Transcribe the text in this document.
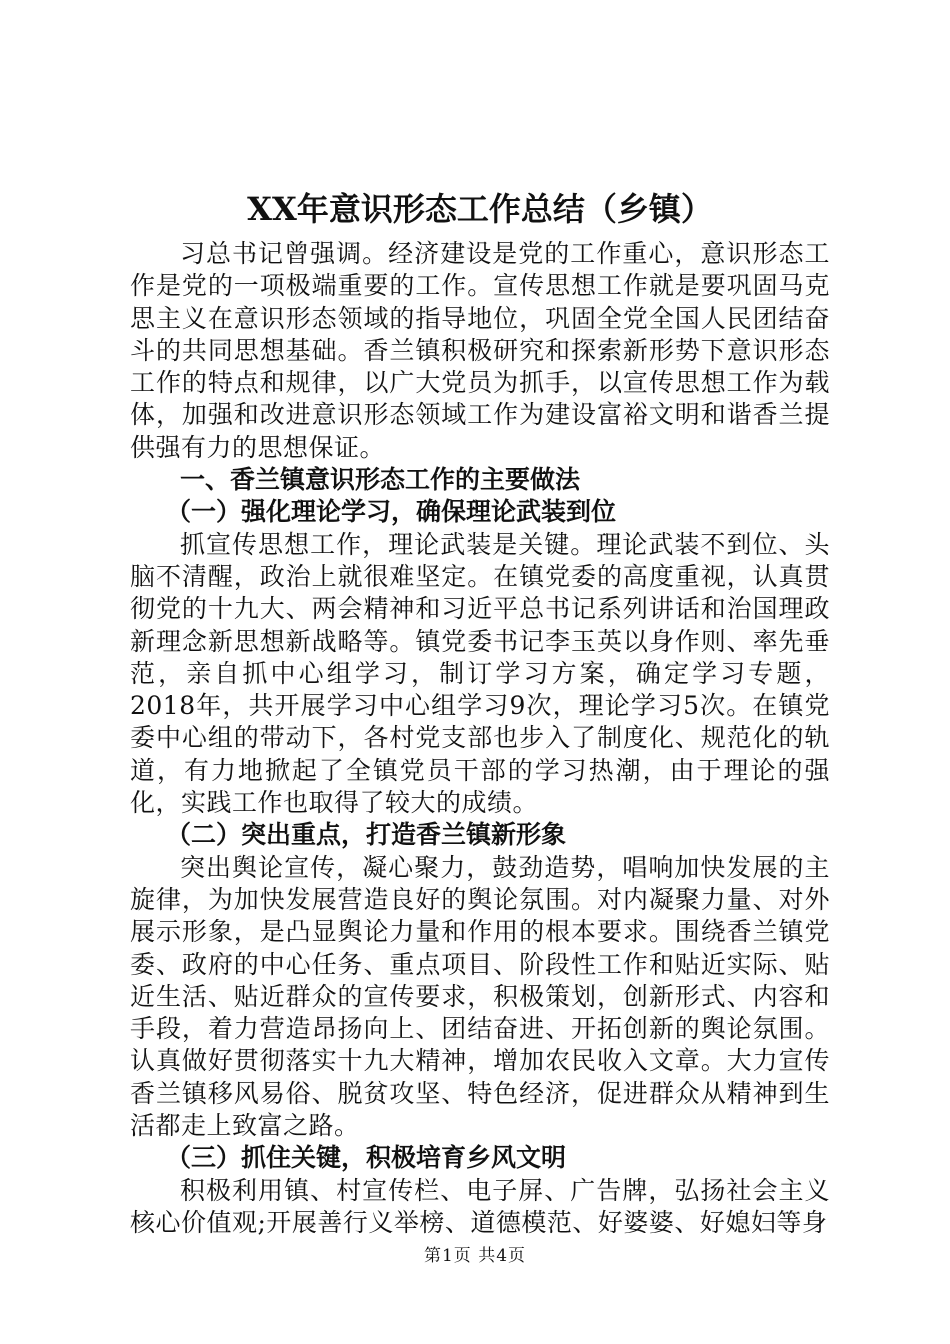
XX年意识形态工作总结（乡镇）

习总书记曾强调。经济建设是党的工作重心，意识形态工作是党的一项极端重要的工作。宣传思想工作就是要巩固马克思主义在意识形态领域的指导地位，巩固全党全国人民团结奋斗的共同思想基础。香兰镇积极研究和探索新形势下意识形态工作的特点和规律，以广大党员为抓手，以宣传思想工作为载体，加强和改进意识形态领域工作为建设富裕文明和谐香兰提供强有力的思想保证。

一、香兰镇意识形态工作的主要做法

（一）强化理论学习，确保理论武装到位

抓宣传思想工作，理论武装是关键。理论武装不到位、头脑不清醒，政治上就很难坚定。在镇党委的高度重视，认真贯彻党的十九大、两会精神和习近平总书记系列讲话和治国理政新理念新思想新战略等。镇党委书记李玉英以身作则、率先垂范，亲自抓中心组学习，制订学习方案，确定学习专题，2018年，共开展学习中心组学习9次，理论学习5次。在镇党委中心组的带动下，各村党支部也步入了制度化、规范化的轨道，有力地掀起了全镇党员干部的学习热潮，由于理论的强化，实践工作也取得了较大的成绩。

（二）突出重点，打造香兰镇新形象

突出舆论宣传，凝心聚力，鼓劲造势，唱响加快发展的主旋律，为加快发展营造良好的舆论氛围。对内凝聚力量、对外展示形象，是凸显舆论力量和作用的根本要求。围绕香兰镇党委、政府的中心任务、重点项目、阶段性工作和贴近实际、贴近生活、贴近群众的宣传要求，积极策划，创新形式、内容和手段，着力营造昂扬向上、团结奋进、开拓创新的舆论氛围。认真做好贯彻落实十九大精神，增加农民收入文章。大力宣传香兰镇移风易俗、脱贫攻坚、特色经济，促进群众从精神到生活都走上致富之路。

（三）抓住关键，积极培育乡风文明

积极利用镇、村宣传栏、电子屏、广告牌，弘扬社会主义核心价值观;开展善行义举榜、道德模范、好婆婆、好媳妇等身

第1页 共4页
